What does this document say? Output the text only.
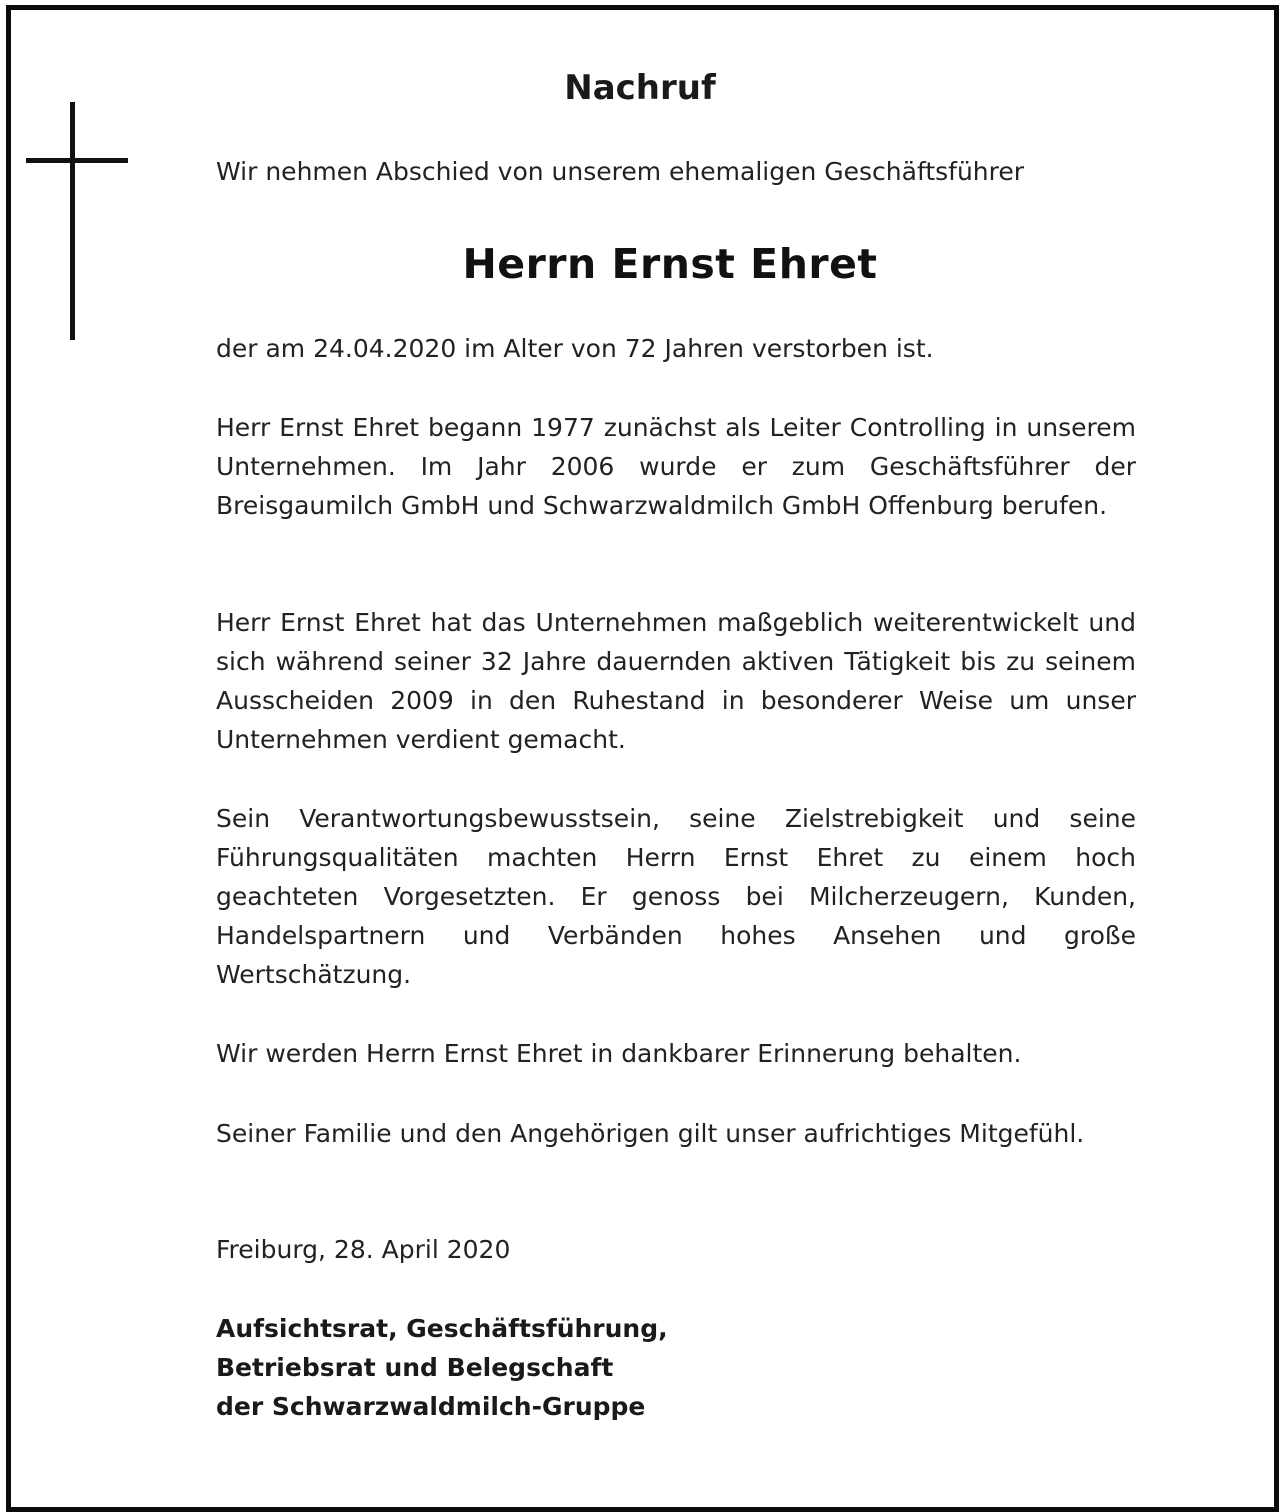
Nachruf

Wir nehmen Abschied von unserem ehemaligen Geschäftsführer

Herrn Ernst Ehret

der am 24.04.2020 im Alter von 72 Jahren verstorben ist.

Herr Ernst Ehret begann 1977 zunächst als Leiter Controlling in unserem Unternehmen. Im Jahr 2006 wurde er zum Geschäftsführer der Breisgaumilch GmbH und Schwarzwaldmilch GmbH Offenburg berufen.

Herr Ernst Ehret hat das Unternehmen maßgeblich weiterentwickelt und sich während seiner 32 Jahre dauernden aktiven Tätigkeit bis zu seinem Ausscheiden 2009 in den Ruhestand in besonderer Weise um unser Unternehmen verdient gemacht.

Sein Verantwortungsbewusstsein, seine Zielstrebigkeit und seine Führungsqualitäten machten Herrn Ernst Ehret zu einem hoch geachteten Vorgesetzten. Er genoss bei Milcherzeugern, Kunden, Handelspartnern und Verbänden hohes Ansehen und große Wertschätzung.

Wir werden Herrn Ernst Ehret in dankbarer Erinnerung behalten.

Seiner Familie und den Angehörigen gilt unser aufrichtiges Mitgefühl.

Freiburg, 28. April 2020

Aufsichtsrat, Geschäftsführung,

Betriebsrat und Belegschaft

der Schwarzwaldmilch-Gruppe
